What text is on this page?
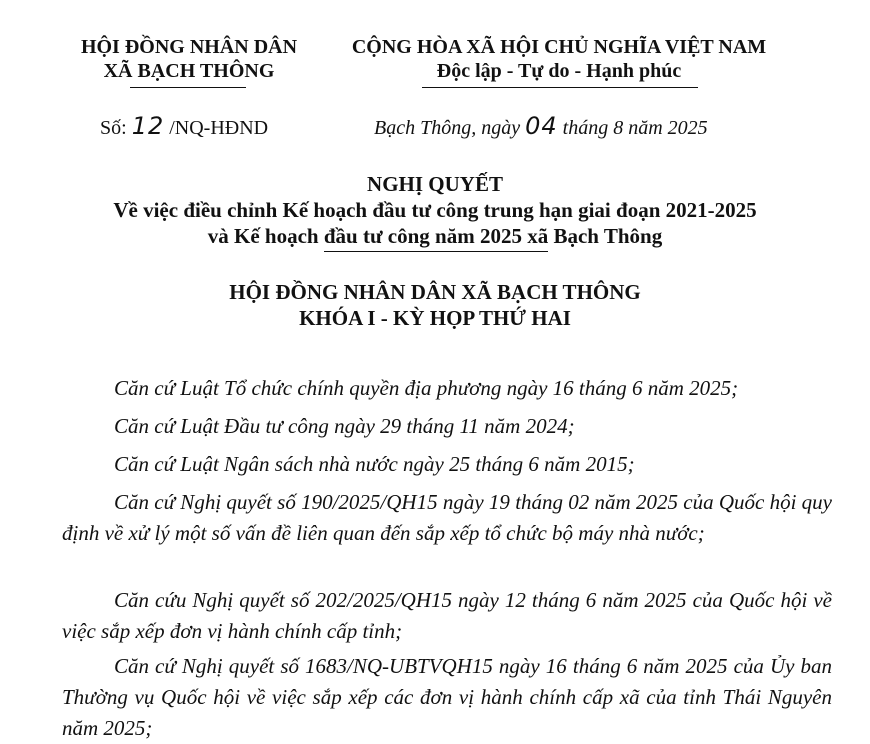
HỘI ĐỒNG NHÂN DÂN
XÃ BẠCH THÔNG
CỘNG HÒA XÃ HỘI CHỦ NGHĨA VIỆT NAM
Độc lập - Tự do - Hạnh phúc
Số: 12 /NQ-HĐND	Bạch Thông, ngày 04 tháng 8 năm 2025
NGHỊ QUYẾT
Về việc điều chỉnh Kế hoạch đầu tư công trung hạn giai đoạn 2021-2025
và Kế hoạch đầu tư công năm 2025 xã Bạch Thông
HỘI ĐỒNG NHÂN DÂN XÃ BẠCH THÔNG
KHÓA I - KỲ HỌP THỨ HAI
Căn cứ Luật Tổ chức chính quyền địa phương ngày 16 tháng 6 năm 2025;
Căn cứ Luật Đầu tư công ngày 29 tháng 11 năm 2024;
Căn cứ Luật Ngân sách nhà nước ngày 25 tháng 6 năm 2015;
Căn cứ Nghị quyết số 190/2025/QH15 ngày 19 tháng 02 năm 2025 của Quốc hội quy định về xử lý một số vấn đề liên quan đến sắp xếp tổ chức bộ máy nhà nước;
Căn cứu Nghị quyết số 202/2025/QH15 ngày 12 tháng 6 năm 2025 của Quốc hội về việc sắp xếp đơn vị hành chính cấp tỉnh;
Căn cứ Nghị quyết số 1683/NQ-UBTVQH15 ngày 16 tháng 6 năm 2025 của Ủy ban Thường vụ Quốc hội về việc sắp xếp các đơn vị hành chính cấp xã của tỉnh Thái Nguyên năm 2025;
